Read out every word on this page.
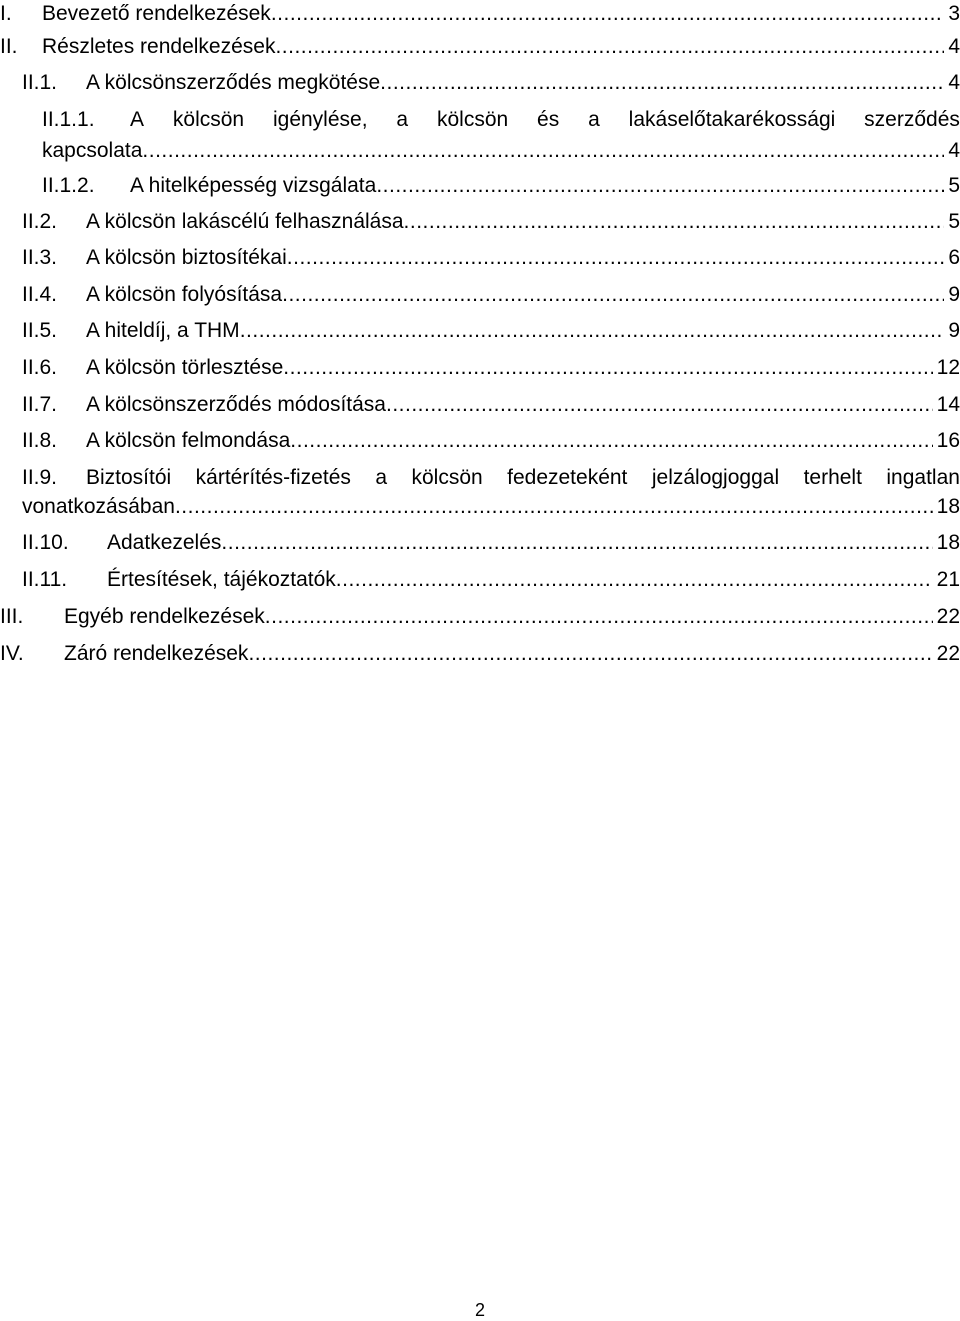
I. Bevezető rendelkezések .....	3
II. Részletes rendelkezések .....	4
II.1. A kölcsönszerződés megkötése .....	4
II.1.1. A kölcsön igénylése, a kölcsön és a lakáselőtakarékossági szerződés
kapcsolata .....	4
II.1.2. A hitelképesség vizsgálata .....	5
II.2. A kölcsön lakáscélú felhasználása .....	5
II.3. A kölcsön biztosítékai .....	6
II.4. A kölcsön folyósítása .....	9
II.5. A hiteldíj, a THM .....	9
II.6. A kölcsön törlesztése .....	12
II.7. A kölcsönszerződés módosítása .....	14
II.8. A kölcsön felmondása .....	16
II.9. Biztosítói kártérítés-fizetés a kölcsön fedezeteként jelzálogjoggal terhelt ingatlan
vonatkozásában .....	18
II.10. Adatkezelés .....	18
II.11. Értesítések, tájékoztatók .....	21
III. Egyéb rendelkezések .....	22
IV. Záró rendelkezések .....	22
2
